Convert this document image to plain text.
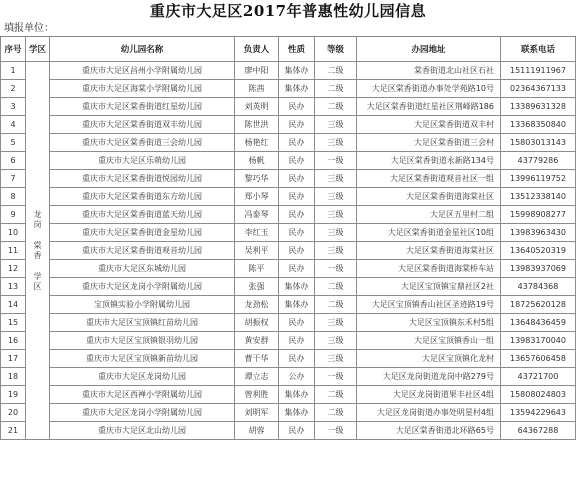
重庆市大足区2017年普惠性幼儿园信息
填报单位：
序号	学区	幼儿园名称	负责人	性质	等级	办园地址	联系电话
1	龙岗 棠香 学区	重庆市大足区昌州小学附属幼儿园	廖中阳	集体办	二级	棠香街道北山社区石社	15111911967
2		重庆市大足区海棠小学附属幼儿园	陈茜	集体办	二级	大足区棠香街道办事处学苑路10号	02364367133
3		重庆市大足区棠香街道红星幼儿园	刘英明	民办	二级	大足区棠香街道红星社区荆峰路186	13389631328
4		重庆市大足区棠香街道双丰幼儿园	陈世洪	民办	三级	大足区棠香街道双丰村	13368350840
5		重庆市大足区棠香街道三会幼儿园	杨艳红	民办	三级	大足区棠香街道三会村	15803013143
6		重庆市大足区乐萌幼儿园	杨帆	民办	一级	大足区棠香街道永新路134号	43779286
7		重庆市大足区棠香街道悦园幼儿园	黎巧华	民办	三级	大足区棠香街道观音社区一组	13996119752
8		重庆市大足区棠香街道东方幼儿园	郑小琴	民办	三级	大足区棠香街道海棠社区	13512338140
9		重庆市大足区棠香街道蓝天幼儿园	冯泰琴	民办	三级	大足区五里村二组	15998908277
10		重庆市大足区棠香街道金星幼儿园	李红玉	民办	三级	大足区棠香街道金星社区10组	13983963430
11		重庆市大足区棠香街道观音幼儿园	吴利平	民办	三级	大足区棠香街道海棠社区	13640520319
12		重庆市大足区东城幼儿园	陈平	民办	一级	大足区棠香街道海棠桥车站	13983937069
13		重庆市大足区龙岗小学附属幼儿园	张强	集体办	二级	大足区宝顶镇宝鼎社区2社	43784368
14		宝顶镇实验小学附属幼儿园	龙劲松	集体办	二级	大足区宝顶镇香山社区圣迹路19号	18725620128
15		重庆市大足区宝顶镇红苗幼儿园	胡振权	民办	三级	大足区宝顶镇东禾村5组	13648436459
16		重庆市大足区宝顶镇银羽幼儿园	黄安群	民办	三级	大足区宝顶镇香山一组	13983170040
17		重庆市大足区宝顶镇新苗幼儿园	曹干华	民办	三级	大足区宝顶镇化龙村	13657606458
18		重庆市大足区龙岗幼儿园	谭立志	公办	一级	大足区龙岗街道龙岗中路279号	43721700
19		重庆市大足区西禅小学附属幼儿园	曾利胜	集体办	二级	大足区龙岗街道果丰社区4组	15808024803
20		重庆市大足区龙岗小学附属幼儿园	刘明军	集体办	二级	大足区龙岗街道办事处明星村4组	13594229643
21		重庆市大足区北山幼儿园	胡蓉	民办	一级	大足区棠香街道北环路65号	64367288
